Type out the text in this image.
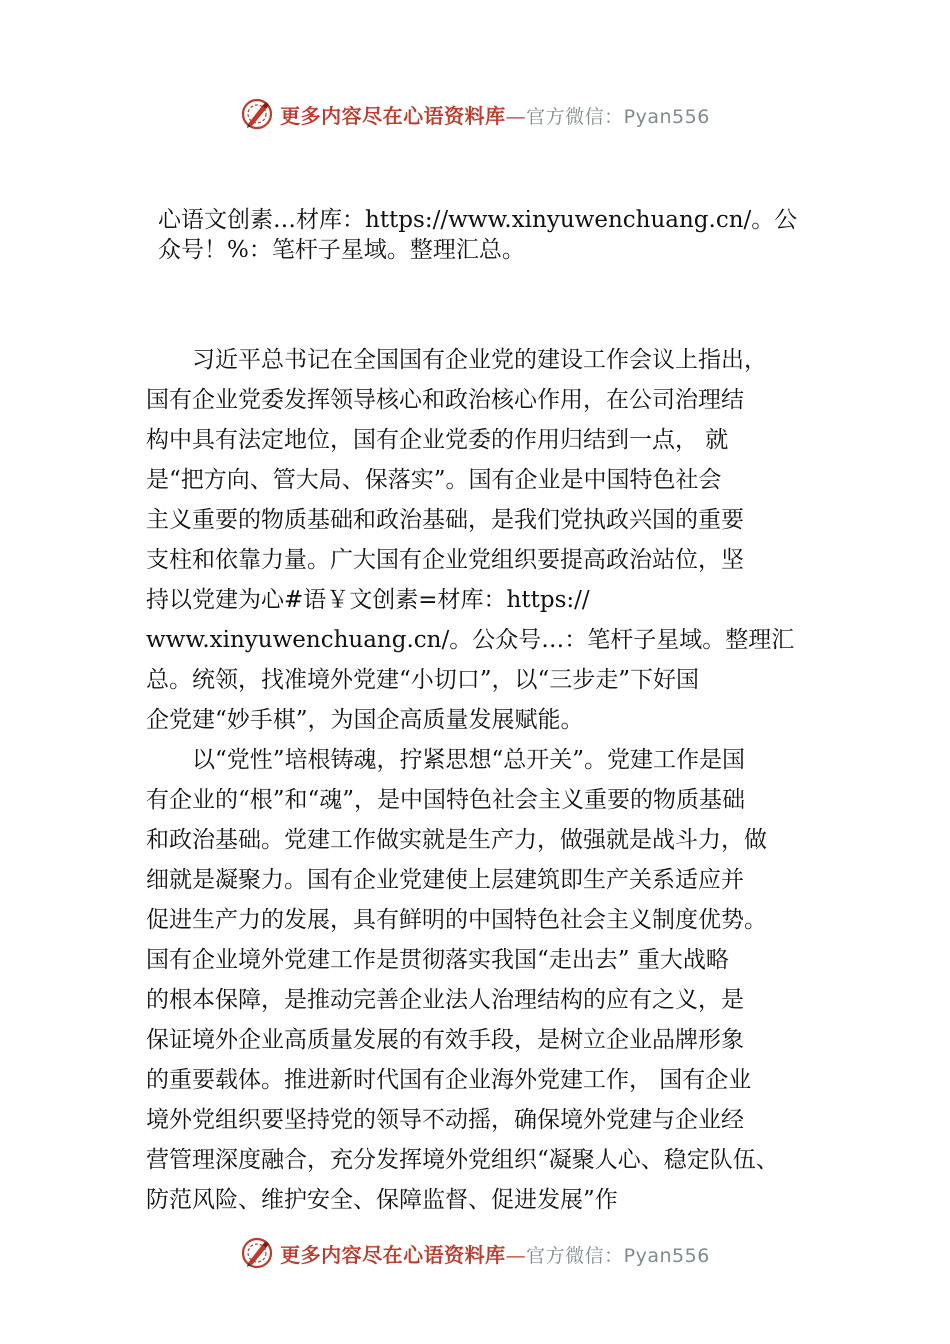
更多内容尽在心语资料库—官方微信：Pyan556
心语文创素…材库：https://www.xinyuwenchuang.cn/。公
众号！%：笔杆子星域。整理汇总。
习近平总书记在全国国有企业党的建设工作会议上指出，
国有企业党委发挥领导核心和政治核心作用，在公司治理结
构中具有法定地位，国有企业党委的作用归结到一点， 就
是“把方向、管大局、保落实”。国有企业是中国特色社会
主义重要的物质基础和政治基础，是我们党执政兴国的重要
支柱和依靠力量。广大国有企业党组织要提高政治站位，坚
持以党建为心#语￥文创素=材库：https://
www.xinyuwenchuang.cn/。公众号…：笔杆子星域。整理汇
总。统领，找准境外党建“小切口”，以“三步走”下好国
企党建“妙手棋”，为国企高质量发展赋能。
以“党性”培根铸魂，拧紧思想“总开关”。党建工作是国
有企业的“根”和“魂”，是中国特色社会主义重要的物质基础
和政治基础。党建工作做实就是生产力，做强就是战斗力，做
细就是凝聚力。国有企业党建使上层建筑即生产关系适应并
促进生产力的发展，具有鲜明的中国特色社会主义制度优势。
国有企业境外党建工作是贯彻落实我国“走出去” 重大战略
的根本保障，是推动完善企业法人治理结构的应有之义，是
保证境外企业高质量发展的有效手段，是树立企业品牌形象
的重要载体。推进新时代国有企业海外党建工作， 国有企业
境外党组织要坚持党的领导不动摇，确保境外党建与企业经
营管理深度融合，充分发挥境外党组织“凝聚人心、稳定队伍、
防范风险、维护安全、保障监督、促进发展”作
更多内容尽在心语资料库—官方微信：Pyan556
